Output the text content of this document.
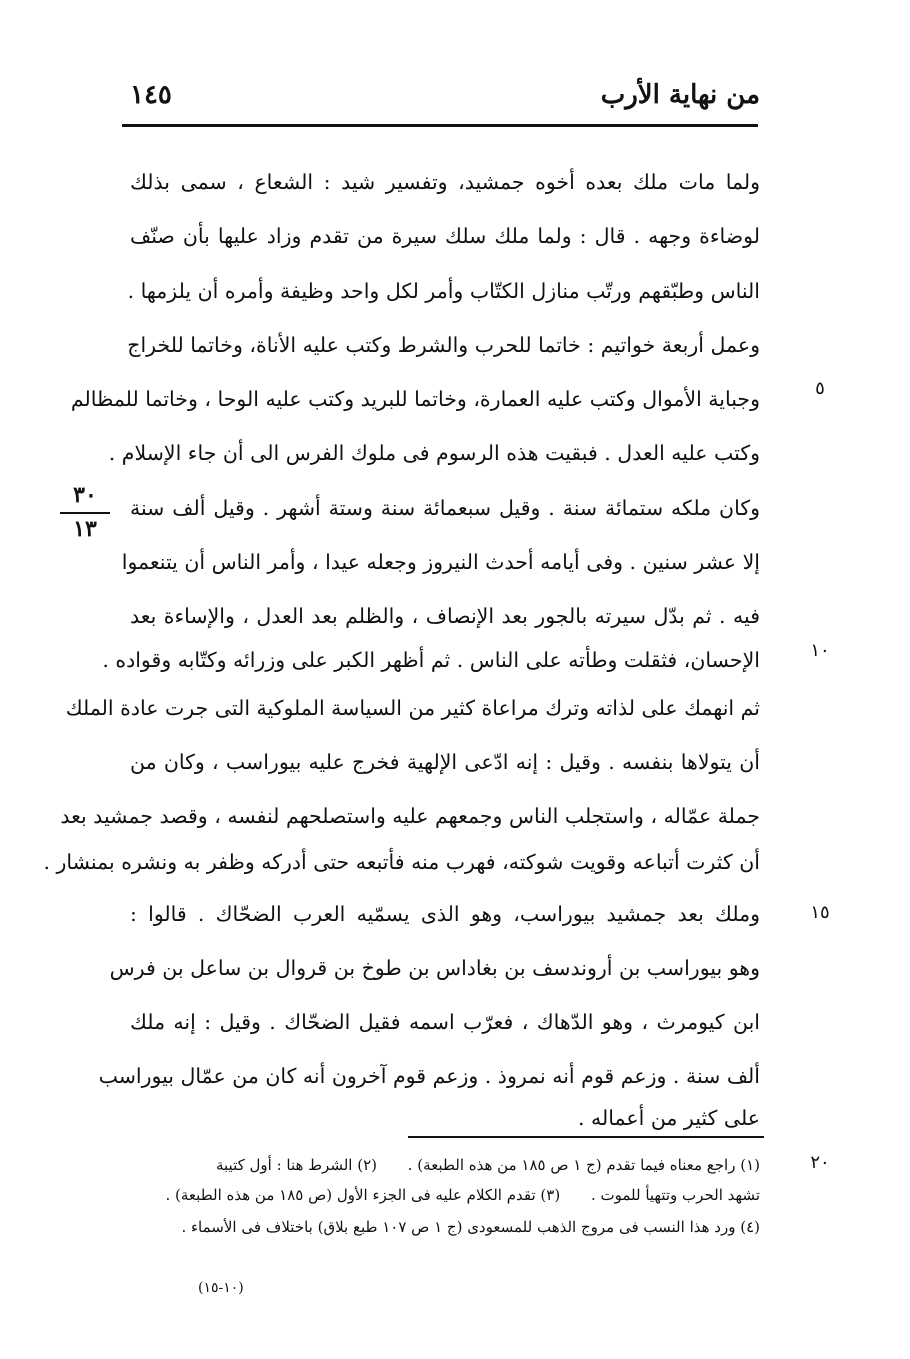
من نهاية الأرب
١٤٥
ولما مات ملك بعده أخوه جمشيد، وتفسير شيد : الشعاع ، سمى بذلك
لوضاءة وجهه . قال : ولما ملك سلك سيرة من تقدم وزاد عليها بأن صنّف
الناس وطبّقهم ورتّب منازل الكتّاب وأمر لكل واحد وظيفة وأمره أن يلزمها .
وعمل أربعة خواتيم : خاتما للحرب والشرط وكتب عليه الأناة، وخاتما للخراج
وجباية الأموال وكتب عليه العمارة، وخاتما للبريد وكتب عليه الوحا ، وخاتما للمظالم
وكتب عليه العدل . فبقيت هذه الرسوم فى ملوك الفرس الى أن جاء الإسلام .
وكان ملكه ستمائة سنة . وقيل سبعمائة سنة وستة أشهر . وقيل ألف سنة
إلا عشر سنين . وفى أيامه أحدث النيروز وجعله عيدا ، وأمر الناس أن يتنعموا
فيه . ثم بدّل سيرته بالجور بعد الإنصاف ، والظلم بعد العدل ، والإساءة بعد
الإحسان، فثقلت وطأته على الناس . ثم أظهر الكبر على وزرائه وكتّابه وقواده .
ثم انهمك على لذاته وترك مراعاة كثير من السياسة الملوكية التى جرت عادة الملك
أن يتولاها بنفسه . وقيل : إنه ادّعى الإلهية فخرج عليه بيوراسب ، وكان من
جملة عمّاله ، واستجلب الناس وجمعهم عليه واستصلحهم لنفسه ، وقصد جمشيد بعد
أن كثرت أتباعه وقويت شوكته، فهرب منه فأتبعه حتى أدركه وظفر به ونشره بمنشار .
وملك بعد جمشيد بيوراسب، وهو الذى يسمّيه العرب الضحّاك . قالوا :
وهو بيوراسب بن أروندسف بن بغاداس بن طوخ بن قروال بن ساعل بن فرس
ابن كيومرث ، وهو الدّهاك ، فعرّب اسمه فقيل الضحّاك . وقيل : إنه ملك
ألف سنة . وزعم قوم أنه نمروذ . وزعم قوم آخرون أنه كان من عمّال بيوراسب
على كثير من أعماله .
٥
١٠
١٥
٢٠
٣٠
١٣
(١) راجع معناه فيما تقدم (ج ١ ص ١٨٥ من هذه الطبعة) . (٢) الشرط هنا : أول كتيبة
تشهد الحرب وتتهيأ للموت . (٣) تقدم الكلام عليه فى الجزء الأول (ص ١٨٥ من هذه الطبعة) .
(٤) ورد هذا النسب فى مروج الذهب للمسعودى (ج ١ ص ١٠٧ طبع بلاق) باختلاف فى الأسماء .
(١٠-١٥)
